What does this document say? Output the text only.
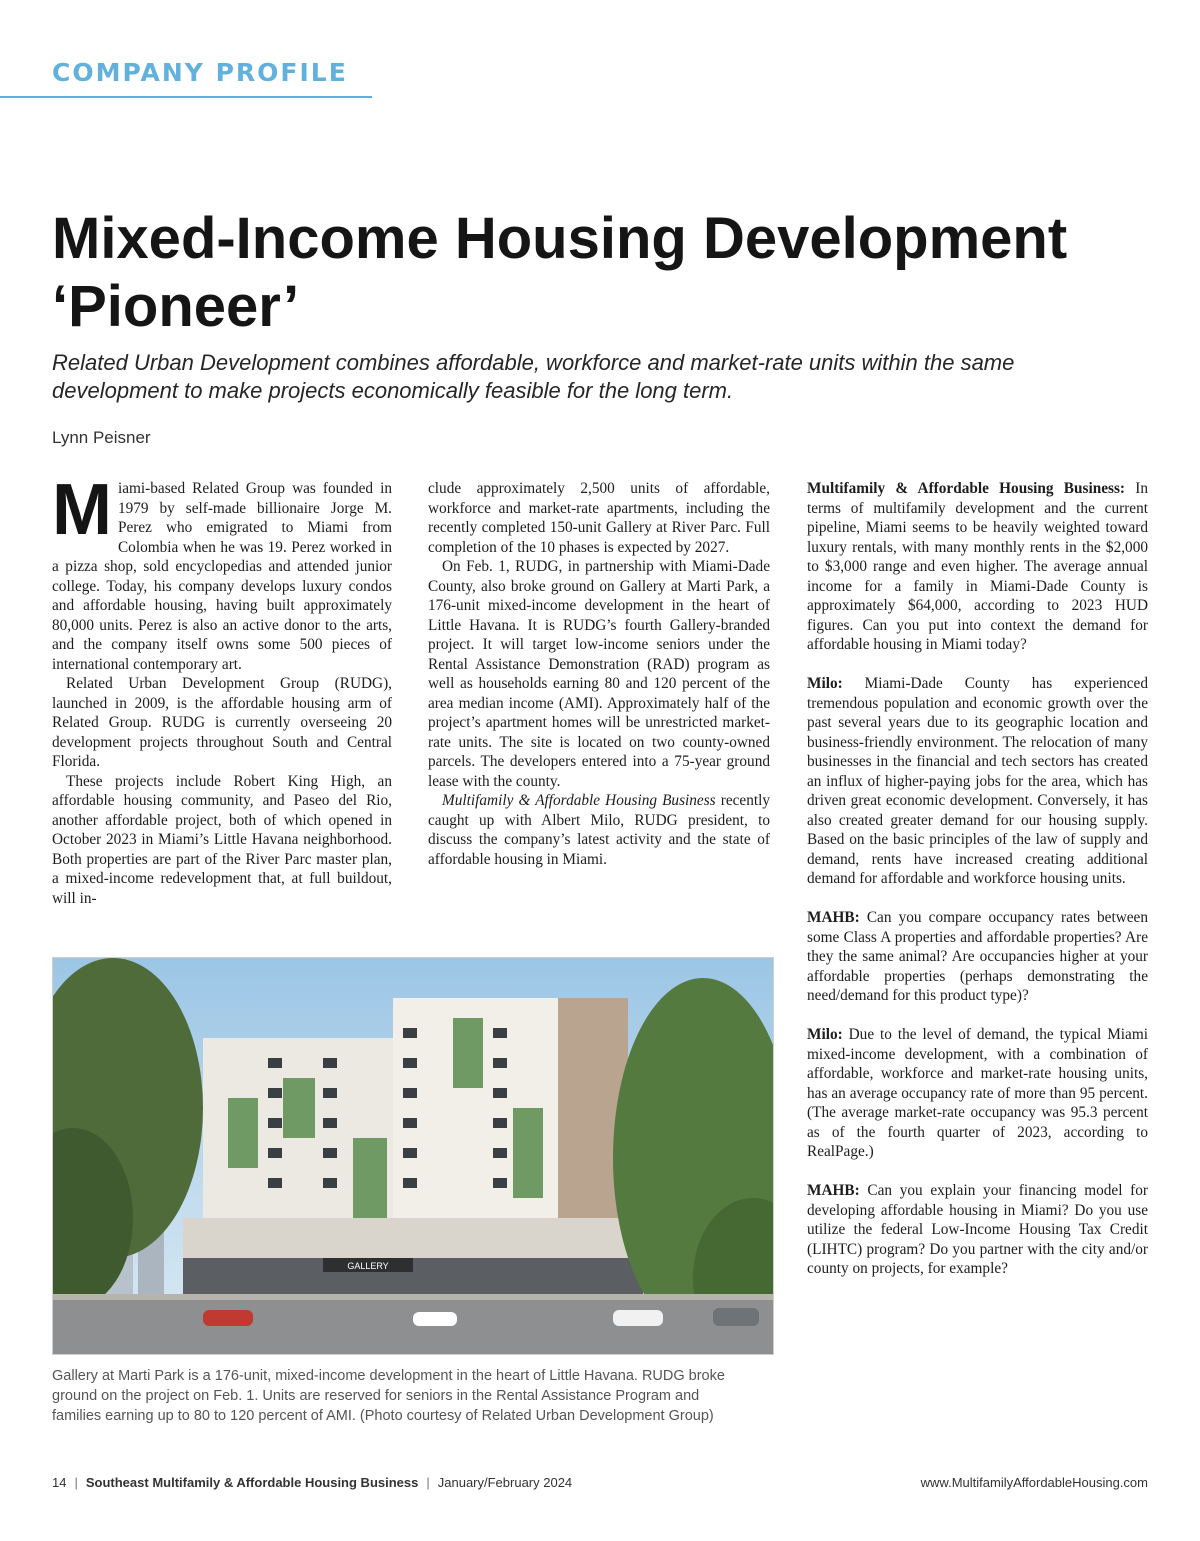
COMPANY PROFILE
Mixed-Income Housing Development
‘Pioneer’

Related Urban Development combines affordable, workforce and market-rate units within the same
development to make projects economically feasible for the long term.

Lynn Peisner

Miami-based Related Group was founded in 1979 by self-made billionaire Jorge M. Perez who emigrated to Miami from Colombia when he was 19. Perez worked in a pizza shop, sold encyclopedias and attended junior college. Today, his company develops luxury condos and affordable housing, having built approximately 80,000 units. Perez is also an active donor to the arts, and the company itself owns some 500 pieces of international contemporary art.

Related Urban Development Group (RUDG), launched in 2009, is the affordable housing arm of Related Group. RUDG is currently overseeing 20 development projects throughout South and Central Florida.

These projects include Robert King High, an affordable housing community, and Paseo del Rio, another affordable project, both of which opened in October 2023 in Miami’s Little Havana neighborhood. Both properties are part of the River Parc master plan, a mixed-income redevelopment that, at full buildout, will in-

clude approximately 2,500 units of affordable, workforce and market-rate apartments, including the recently completed 150-unit Gallery at River Parc. Full completion of the 10 phases is expected by 2027.

On Feb. 1, RUDG, in partnership with Miami-Dade County, also broke ground on Gallery at Marti Park, a 176-unit mixed-income development in the heart of Little Havana. It is RUDG’s fourth Gallery-branded project. It will target low-income seniors under the Rental Assistance Demonstration (RAD) program as well as households earning 80 and 120 percent of the area median income (AMI). Approximately half of the project’s apartment homes will be unrestricted market-rate units. The site is located on two county-owned parcels. The developers entered into a 75-year ground lease with the county.

Multifamily & Affordable Housing Business recently caught up with Albert Milo, RUDG president, to discuss the company’s latest activity and the state of affordable housing in Miami.

Multifamily & Affordable Housing Business: In terms of multifamily development and the current pipeline, Miami seems to be heavily weighted toward luxury rentals, with many monthly rents in the $2,000 to $3,000 range and even higher. The average annual income for a family in Miami-Dade County is approximately $64,000, according to 2023 HUD figures. Can you put into context the demand for affordable housing in Miami today?

Milo: Miami-Dade County has experienced tremendous population and economic growth over the past several years due to its geographic location and business-friendly environment. The relocation of many businesses in the financial and tech sectors has created an influx of higher-paying jobs for the area, which has driven great economic development. Conversely, it has also created greater demand for our housing supply. Based on the basic principles of the law of supply and demand, rents have increased creating additional demand for affordable and workforce housing units.

MAHB: Can you compare occupancy rates between some Class A properties and affordable properties? Are they the same animal? Are occupancies higher at your affordable properties (perhaps demonstrating the need/demand for this product type)?

Milo: Due to the level of demand, the typical Miami mixed-income development, with a combination of affordable, workforce and market-rate housing units, has an average occupancy rate of more than 95 percent. (The average market-rate occupancy was 95.3 percent as of the fourth quarter of 2023, according to RealPage.)

MAHB: Can you explain your financing model for developing affordable housing in Miami? Do you use utilize the federal Low-Income Housing Tax Credit (LIHTC) program? Do you partner with the city and/or county on projects, for example?

GALLERY
Gallery at Marti Park is a 176-unit, mixed-income development in the heart of Little Havana. RUDG broke ground on the project on Feb. 1. Units are reserved for seniors in the Rental Assistance Program and families earning up to 80 to 120 percent of AMI. (Photo courtesy of Related Urban Development Group)
14 | Southeast Multifamily & Affordable Housing Business | January/February 2024	www.MultifamilyAffordableHousing.com
